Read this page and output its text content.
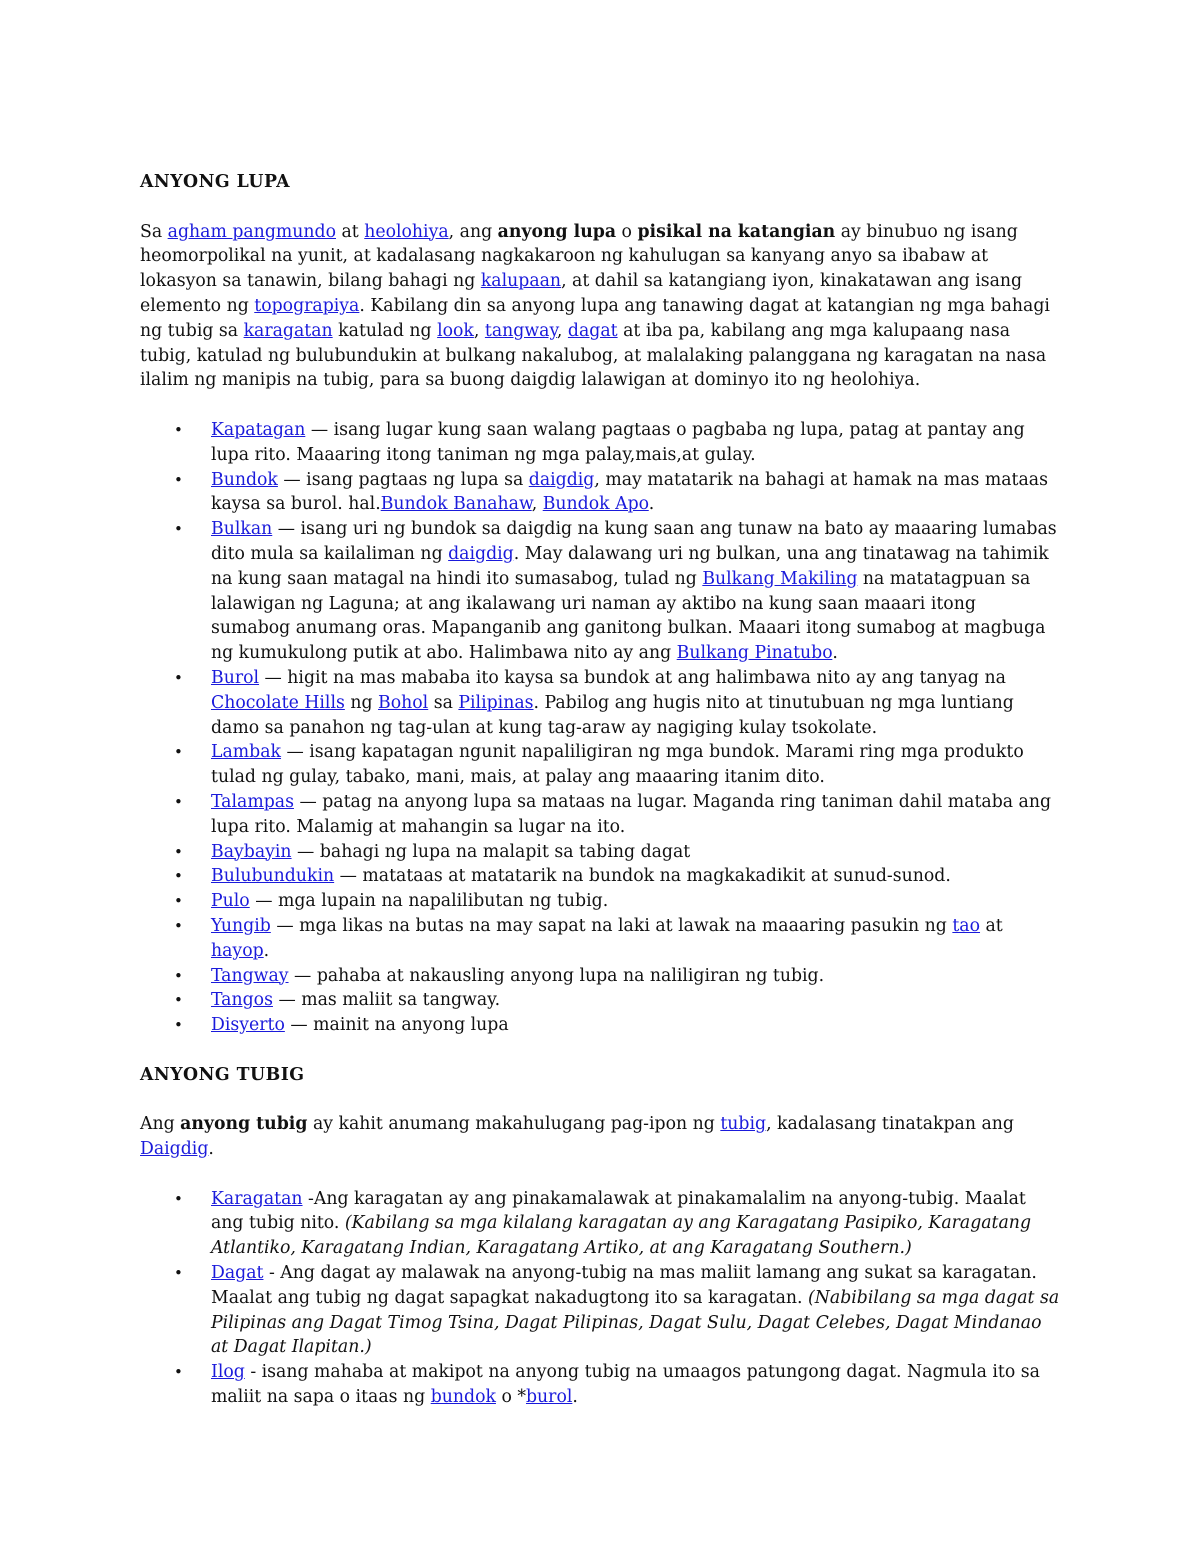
ANYONG LUPA

Sa agham pangmundo at heolohiya, ang anyong lupa o pisikal na katangian ay binubuo ng isang heomorpolikal na yunit, at kadalasang nagkakaroon ng kahulugan sa kanyang anyo sa ibabaw at lokasyon sa tanawin, bilang bahagi ng kalupaan, at dahil sa katangiang iyon, kinakatawan ang isang elemento ng topograpiya. Kabilang din sa anyong lupa ang tanawing dagat at katangian ng mga bahagi ng tubig sa karagatan katulad ng look, tangway, dagat at iba pa, kabilang ang mga kalupaang nasa tubig, katulad ng bulubundukin at bulkang nakalubog, at malalaking palanggana ng karagatan na nasa ilalim ng manipis na tubig, para sa buong daigdig lalawigan at dominyo ito ng heolohiya.

• Kapatagan — isang lugar kung saan walang pagtaas o pagbaba ng lupa, patag at pantay ang lupa rito. Maaaring itong taniman ng mga palay,mais,at gulay.
• Bundok — isang pagtaas ng lupa sa daigdig, may matatarik na bahagi at hamak na mas mataas kaysa sa burol. hal.Bundok Banahaw, Bundok Apo.
• Bulkan — isang uri ng bundok sa daigdig na kung saan ang tunaw na bato ay maaaring lumabas dito mula sa kailaliman ng daigdig. May dalawang uri ng bulkan, una ang tinatawag na tahimik na kung saan matagal na hindi ito sumasabog, tulad ng Bulkang Makiling na matatagpuan sa lalawigan ng Laguna; at ang ikalawang uri naman ay aktibo na kung saan maaari itong sumabog anumang oras. Mapanganib ang ganitong bulkan. Maaari itong sumabog at magbuga ng kumukulong putik at abo. Halimbawa nito ay ang Bulkang Pinatubo.
• Burol — higit na mas mababa ito kaysa sa bundok at ang halimbawa nito ay ang tanyag na Chocolate Hills ng Bohol sa Pilipinas. Pabilog ang hugis nito at tinutubuan ng mga luntiang damo sa panahon ng tag-ulan at kung tag-araw ay nagiging kulay tsokolate.
• Lambak — isang kapatagan ngunit napaliligiran ng mga bundok. Marami ring mga produkto tulad ng gulay, tabako, mani, mais, at palay ang maaaring itanim dito.
• Talampas — patag na anyong lupa sa mataas na lugar. Maganda ring taniman dahil mataba ang lupa rito. Malamig at mahangin sa lugar na ito.
• Baybayin — bahagi ng lupa na malapit sa tabing dagat
• Bulubundukin — matataas at matatarik na bundok na magkakadikit at sunud-sunod.
• Pulo — mga lupain na napalilibutan ng tubig.
• Yungib — mga likas na butas na may sapat na laki at lawak na maaaring pasukin ng tao at hayop.
• Tangway — pahaba at nakausling anyong lupa na naliligiran ng tubig.
• Tangos — mas maliit sa tangway.
• Disyerto — mainit na anyong lupa
ANYONG TUBIG

Ang anyong tubig ay kahit anumang makahulugang pag-ipon ng tubig, kadalasang tinatakpan ang Daigdig.

• Karagatan -Ang karagatan ay ang pinakamalawak at pinakamalalim na anyong-tubig. Maalat ang tubig nito. (Kabilang sa mga kilalang karagatan ay ang Karagatang Pasipiko, Karagatang Atlantiko, Karagatang Indian, Karagatang Artiko, at ang Karagatang Southern.)
• Dagat - Ang dagat ay malawak na anyong-tubig na mas maliit lamang ang sukat sa karagatan. Maalat ang tubig ng dagat sapagkat nakadugtong ito sa karagatan. (Nabibilang sa mga dagat sa Pilipinas ang Dagat Timog Tsina, Dagat Pilipinas, Dagat Sulu, Dagat Celebes, Dagat Mindanao at Dagat Ilapitan.)
• Ilog - isang mahaba at makipot na anyong tubig na umaagos patungong dagat. Nagmula ito sa maliit na sapa o itaas ng bundok o *burol.
